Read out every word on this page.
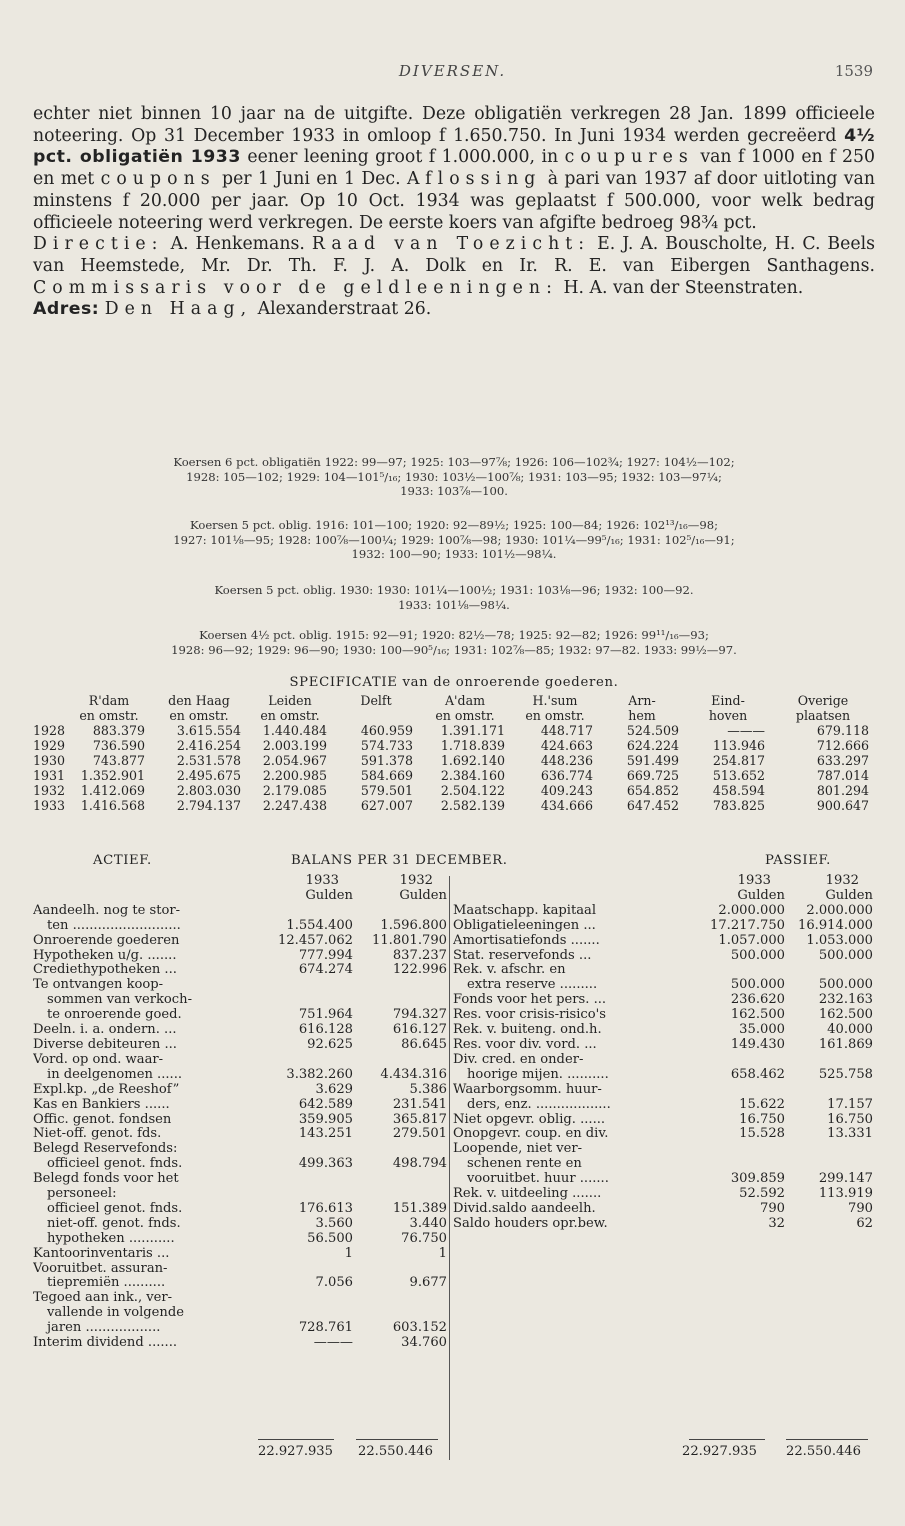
DIVERSEN.	1539

echter niet binnen 10 jaar na de uitgifte. Deze obligatiën verkregen 28 Jan. 1899 officieele noteering. Op 31 December 1933 in omloop f 1.650.750. In Juni 1934 werden gecreëerd 4½ pct. obligatiën 1933 eener leening groot f 1.000.000, in coupures van f 1000 en f 250 en met coupons per 1 Juni en 1 Dec. Aflossing à pari van 1937 af door uitloting van minstens f 20.000 per jaar. Op 10 Oct. 1934 was geplaatst f 500.000, voor welk bedrag officieele noteering werd verkregen. De eerste koers van afgifte bedroeg 98¾ pct.

Directie: A. Henkemans. Raad van Toezicht: E. J. A. Bouscholte, H. C. Beels van Heemstede, Mr. Dr. Th. F. J. A. Dolk en Ir. R. E. van Eibergen Santhagens. Commissaris voor de geldleeningen: H. A. van der Steenstraten.

Adres: Den Haag, Alexanderstraat 26.

Koersen 6 pct. obligatiën 1922: 99—97; 1925: 103—97⅞; 1926: 106—102¾; 1927: 104½—102;

1928: 105—102; 1929: 104—101⁵/₁₆; 1930: 103½—100⅞; 1931: 103—95; 1932: 103—97¼;

1933: 103⅞—100.

Koersen 5 pct. oblig. 1916: 101—100; 1920: 92—89½; 1925: 100—84; 1926: 102¹³/₁₆—98;

1927: 101⅛—95; 1928: 100⅞—100¼; 1929: 100⅞—98; 1930: 101¼—99⁵/₁₆; 1931: 102⁵/₁₆—91;

1932: 100—90; 1933: 101½—98¼.

Koersen 5 pct. oblig. 1930: 1930: 101¼—100½; 1931: 103⅛—96; 1932: 100—92.

1933: 101⅛—98¼.

Koersen 4½ pct. oblig. 1915: 92—91; 1920: 82½—78; 1925: 92—82; 1926: 99¹¹/₁₆—93;

1928: 96—92; 1929: 96—90; 1930: 100—90⁵/₁₆; 1931: 102⅞—85; 1932: 97—82. 1933: 99½—97.

SPECIFICATIE van de onroerende goederen.
	R'dam	den Haag	Leiden	Delft	A'dam	H.'sum	Arn-	Eind-	Overige
	en omstr.	en omstr.	en omstr.		en omstr.	en omstr.	hem	hoven	plaatsen
1928	883.379	3.615.554	1.440.484	460.959	1.391.171	448.717	524.509	———	679.118
1929	736.590	2.416.254	2.003.199	574.733	1.718.839	424.663	624.224	113.946	712.666
1930	743.877	2.531.578	2.054.967	591.378	1.692.140	448.236	591.499	254.817	633.297
1931	1.352.901	2.495.675	2.200.985	584.669	2.384.160	636.774	669.725	513.652	787.014
1932	1.412.069	2.803.030	2.179.085	579.501	2.504.122	409.243	654.852	458.594	801.294
1933	1.416.568	2.794.137	2.247.438	627.007	2.582.139	434.666	647.452	783.825	900.647
ACTIEF.	BALANS PER 31 DECEMBER.	PASSIEF.
	1933	1932
	Gulden	Gulden
Aandeelh. nog te stor-		
ten ..........................	1.554.400	1.596.800
Onroerende goederen	12.457.062	11.801.790
Hypotheken u/g. .......	777.994	837.237
Crediethypotheken ...	674.274	122.996
Te ontvangen koop-		
sommen van verkoch-		
te onroerende goed.	751.964	794.327
Deeln. i. a. ondern. ...	616.128	616.127
Diverse debiteuren ...	92.625	86.645
Vord. op ond. waar-		
in deelgenomen ......	3.382.260	4.434.316
Expl.kp. „de Reeshof”	3.629	5.386
Kas en Bankiers ......	642.589	231.541
Offic. genot. fondsen	359.905	365.817
Niet-off. genot. fds.	143.251	279.501
Belegd Reservefonds:		
officieel genot. fnds.	499.363	498.794
Belegd fonds voor het		
personeel:		
officieel genot. fnds.	176.613	151.389
niet-off. genot. fnds.	3.560	3.440
hypotheken ...........	56.500	76.750
Kantoorinventaris ...	1	1
Vooruitbet. assuran-		
tiepremiën ..........	7.056	9.677
Tegoed aan ink., ver-		
vallende in volgende		
jaren ..................	728.761	603.152
Interim dividend .......	———	34.760
	1933	1932
	Gulden	Gulden
Maatschapp. kapitaal	2.000.000	2.000.000
Obligatieleeningen ...	17.217.750	16.914.000
Amortisatiefonds .......	1.057.000	1.053.000
Stat. reservefonds ...	500.000	500.000
Rek. v. afschr. en		
extra reserve .........	500.000	500.000
Fonds voor het pers. ...	236.620	232.163
Res. voor crisis-risico's	162.500	162.500
Rek. v. buiteng. ond.h.	35.000	40.000
Res. voor div. vord. ...	149.430	161.869
Div. cred. en onder-		
hoorige mijen. ..........	658.462	525.758
Waarborgsomm. huur-		
ders, enz. ..................	15.622	17.157
Niet opgevr. oblig. ......	16.750	16.750
Onopgevr. coup. en div.	15.528	13.331
Loopende, niet ver-		
schenen rente en		
vooruitbet. huur .......	309.859	299.147
Rek. v. uitdeeling .......	52.592	113.919
Divid.saldo aandeelh.	790	790
Saldo houders opr.bew.	32	62
22.927.935 22.550.446	22.927.935 22.550.446
